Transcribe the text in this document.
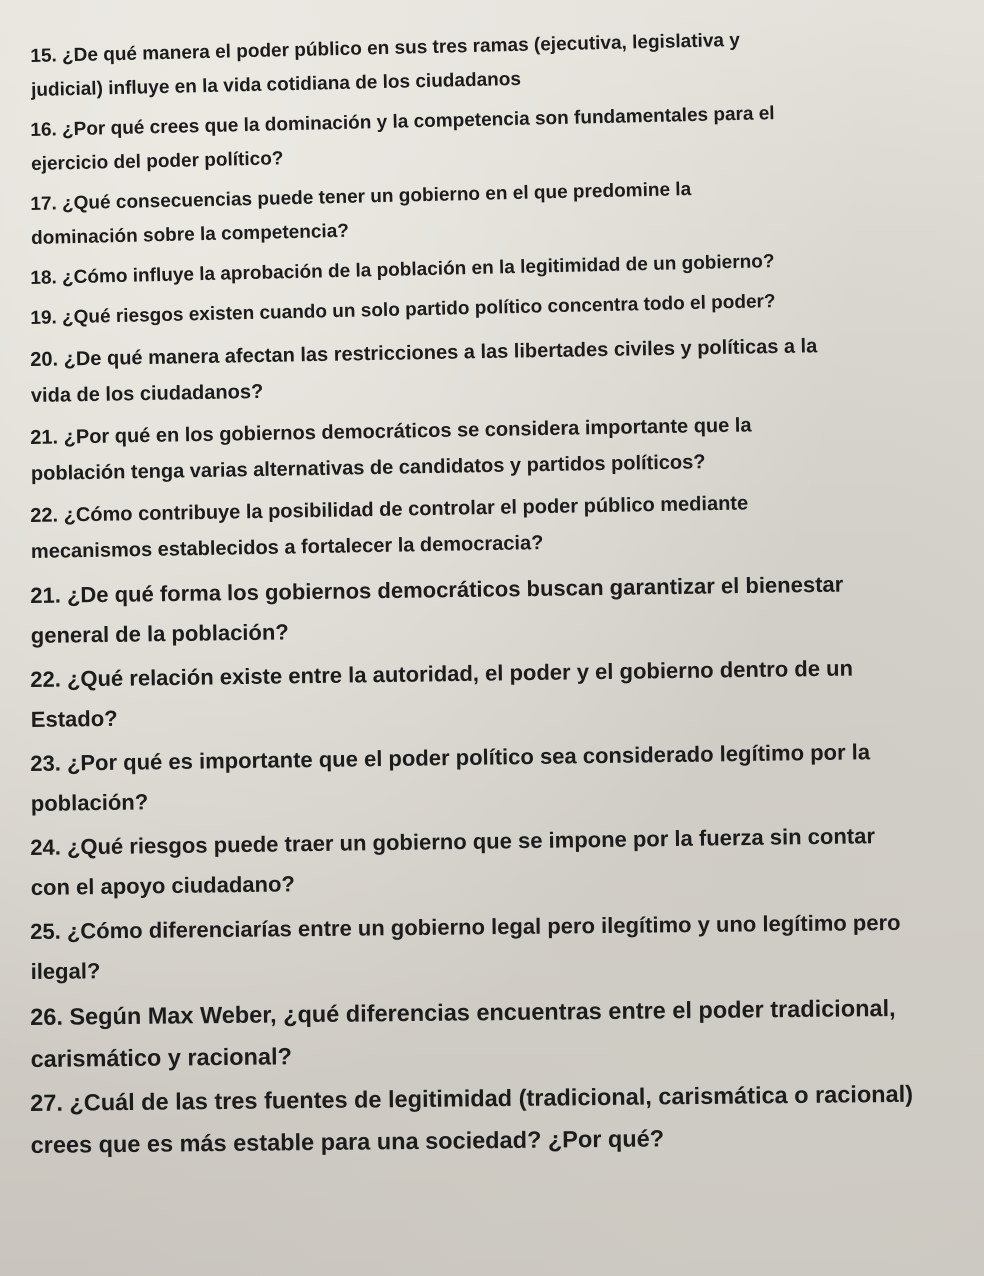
15. ¿De qué manera el poder público en sus tres ramas (ejecutiva, legislativa y
judicial) influye en la vida cotidiana de los ciudadanos
16. ¿Por qué crees que la dominación y la competencia son fundamentales para el
ejercicio del poder político?
17. ¿Qué consecuencias puede tener un gobierno en el que predomine la
dominación sobre la competencia?
18. ¿Cómo influye la aprobación de la población en la legitimidad de un gobierno?
19. ¿Qué riesgos existen cuando un solo partido político concentra todo el poder?
20. ¿De qué manera afectan las restricciones a las libertades civiles y políticas a la
vida de los ciudadanos?
21. ¿Por qué en los gobiernos democráticos se considera importante que la
población tenga varias alternativas de candidatos y partidos políticos?
22. ¿Cómo contribuye la posibilidad de controlar el poder público mediante
mecanismos establecidos a fortalecer la democracia?
21. ¿De qué forma los gobiernos democráticos buscan garantizar el bienestar
general de la población?
22. ¿Qué relación existe entre la autoridad, el poder y el gobierno dentro de un
Estado?
23. ¿Por qué es importante que el poder político sea considerado legítimo por la
población?
24. ¿Qué riesgos puede traer un gobierno que se impone por la fuerza sin contar
con el apoyo ciudadano?
25. ¿Cómo diferenciarías entre un gobierno legal pero ilegítimo y uno legítimo pero
ilegal?
26. Según Max Weber, ¿qué diferencias encuentras entre el poder tradicional,
carismático y racional?
27. ¿Cuál de las tres fuentes de legitimidad (tradicional, carismática o racional)
crees que es más estable para una sociedad? ¿Por qué?
